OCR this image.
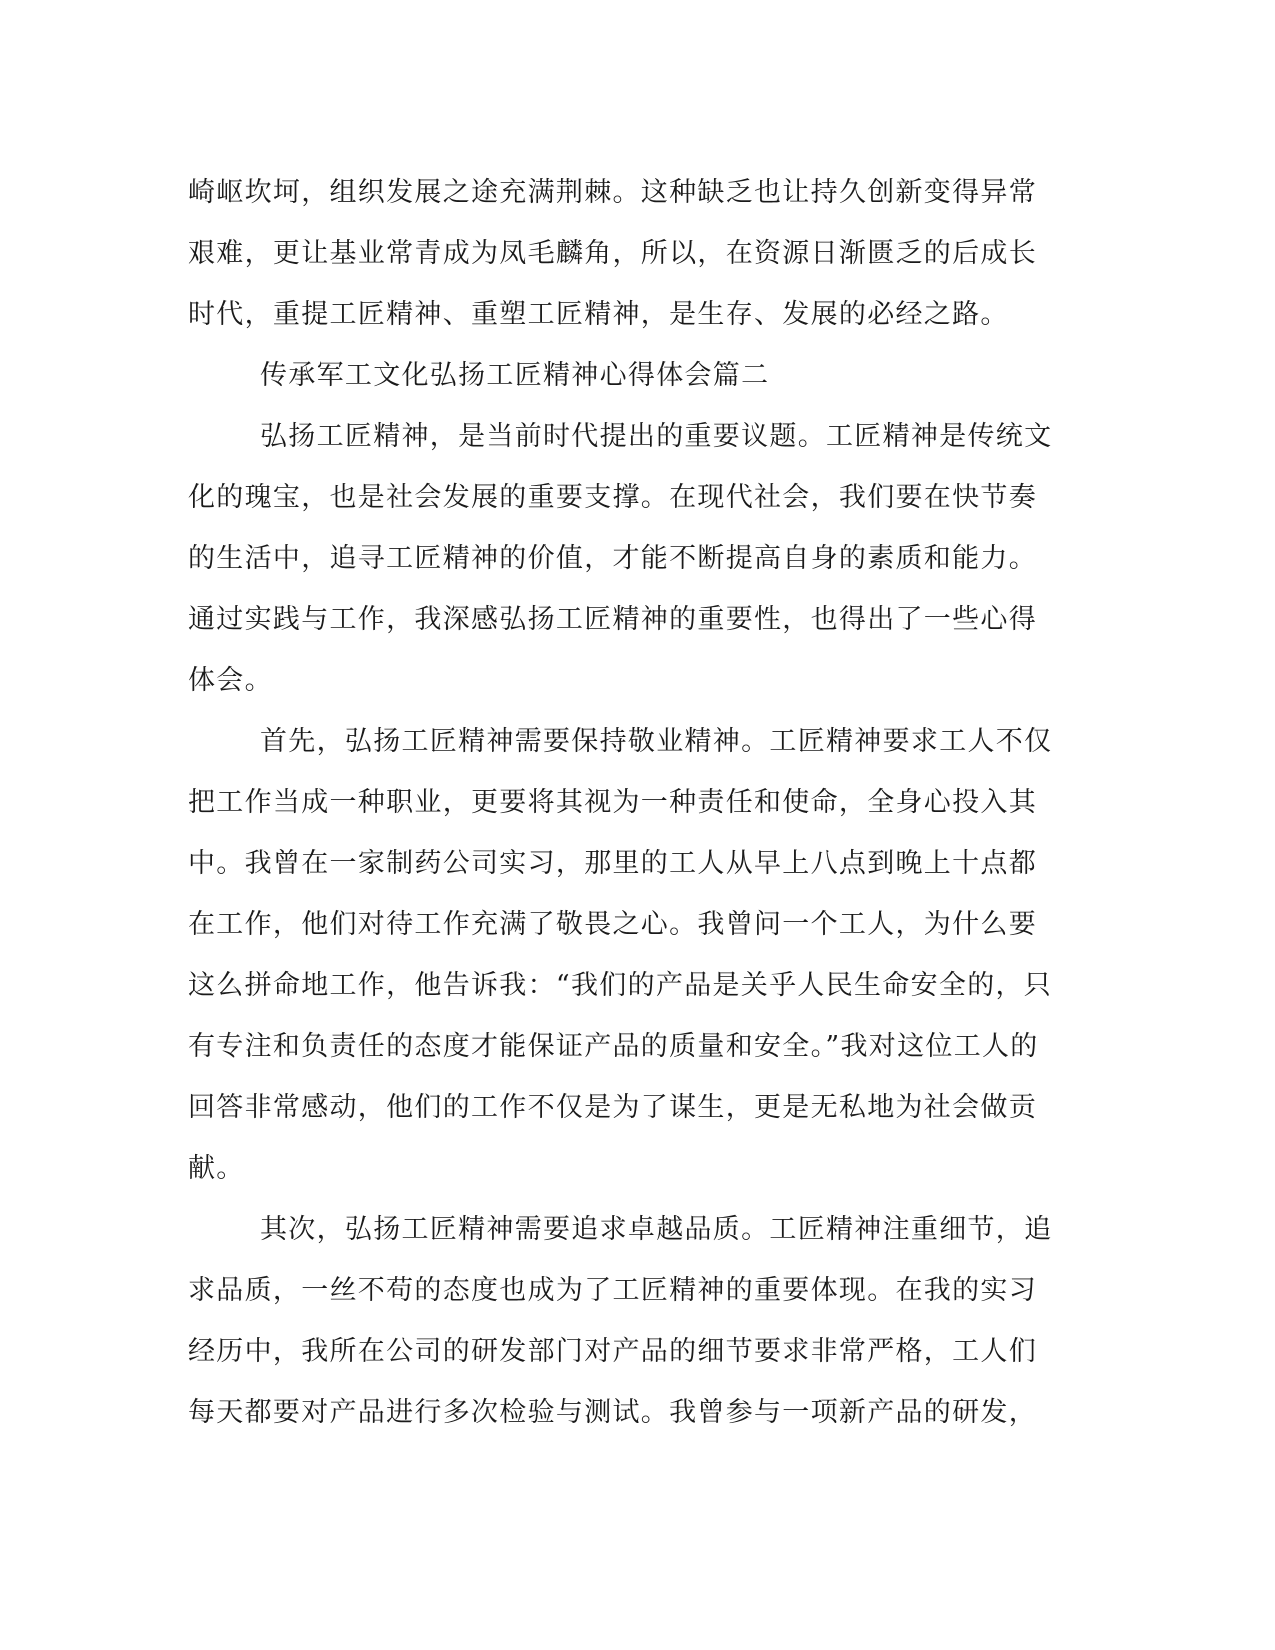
崎岖坎坷，组织发展之途充满荆棘。这种缺乏也让持久创新变得异常
艰难，更让基业常青成为凤毛麟角，所以，在资源日渐匮乏的后成长
时代，重提工匠精神、重塑工匠精神，是生存、发展的必经之路。
传承军工文化弘扬工匠精神心得体会篇二
弘扬工匠精神，是当前时代提出的重要议题。工匠精神是传统文
化的瑰宝，也是社会发展的重要支撑。在现代社会，我们要在快节奏
的生活中，追寻工匠精神的价值，才能不断提高自身的素质和能力。
通过实践与工作，我深感弘扬工匠精神的重要性，也得出了一些心得
体会。
首先，弘扬工匠精神需要保持敬业精神。工匠精神要求工人不仅
把工作当成一种职业，更要将其视为一种责任和使命，全身心投入其
中。我曾在一家制药公司实习，那里的工人从早上八点到晚上十点都
在工作，他们对待工作充满了敬畏之心。我曾问一个工人，为什么要
这么拼命地工作，他告诉我：“我们的产品是关乎人民生命安全的，只
有专注和负责任的态度才能保证产品的质量和安全。”我对这位工人的
回答非常感动，他们的工作不仅是为了谋生，更是无私地为社会做贡
献。
其次，弘扬工匠精神需要追求卓越品质。工匠精神注重细节，追
求品质，一丝不苟的态度也成为了工匠精神的重要体现。在我的实习
经历中，我所在公司的研发部门对产品的细节要求非常严格，工人们
每天都要对产品进行多次检验与测试。我曾参与一项新产品的研发，
